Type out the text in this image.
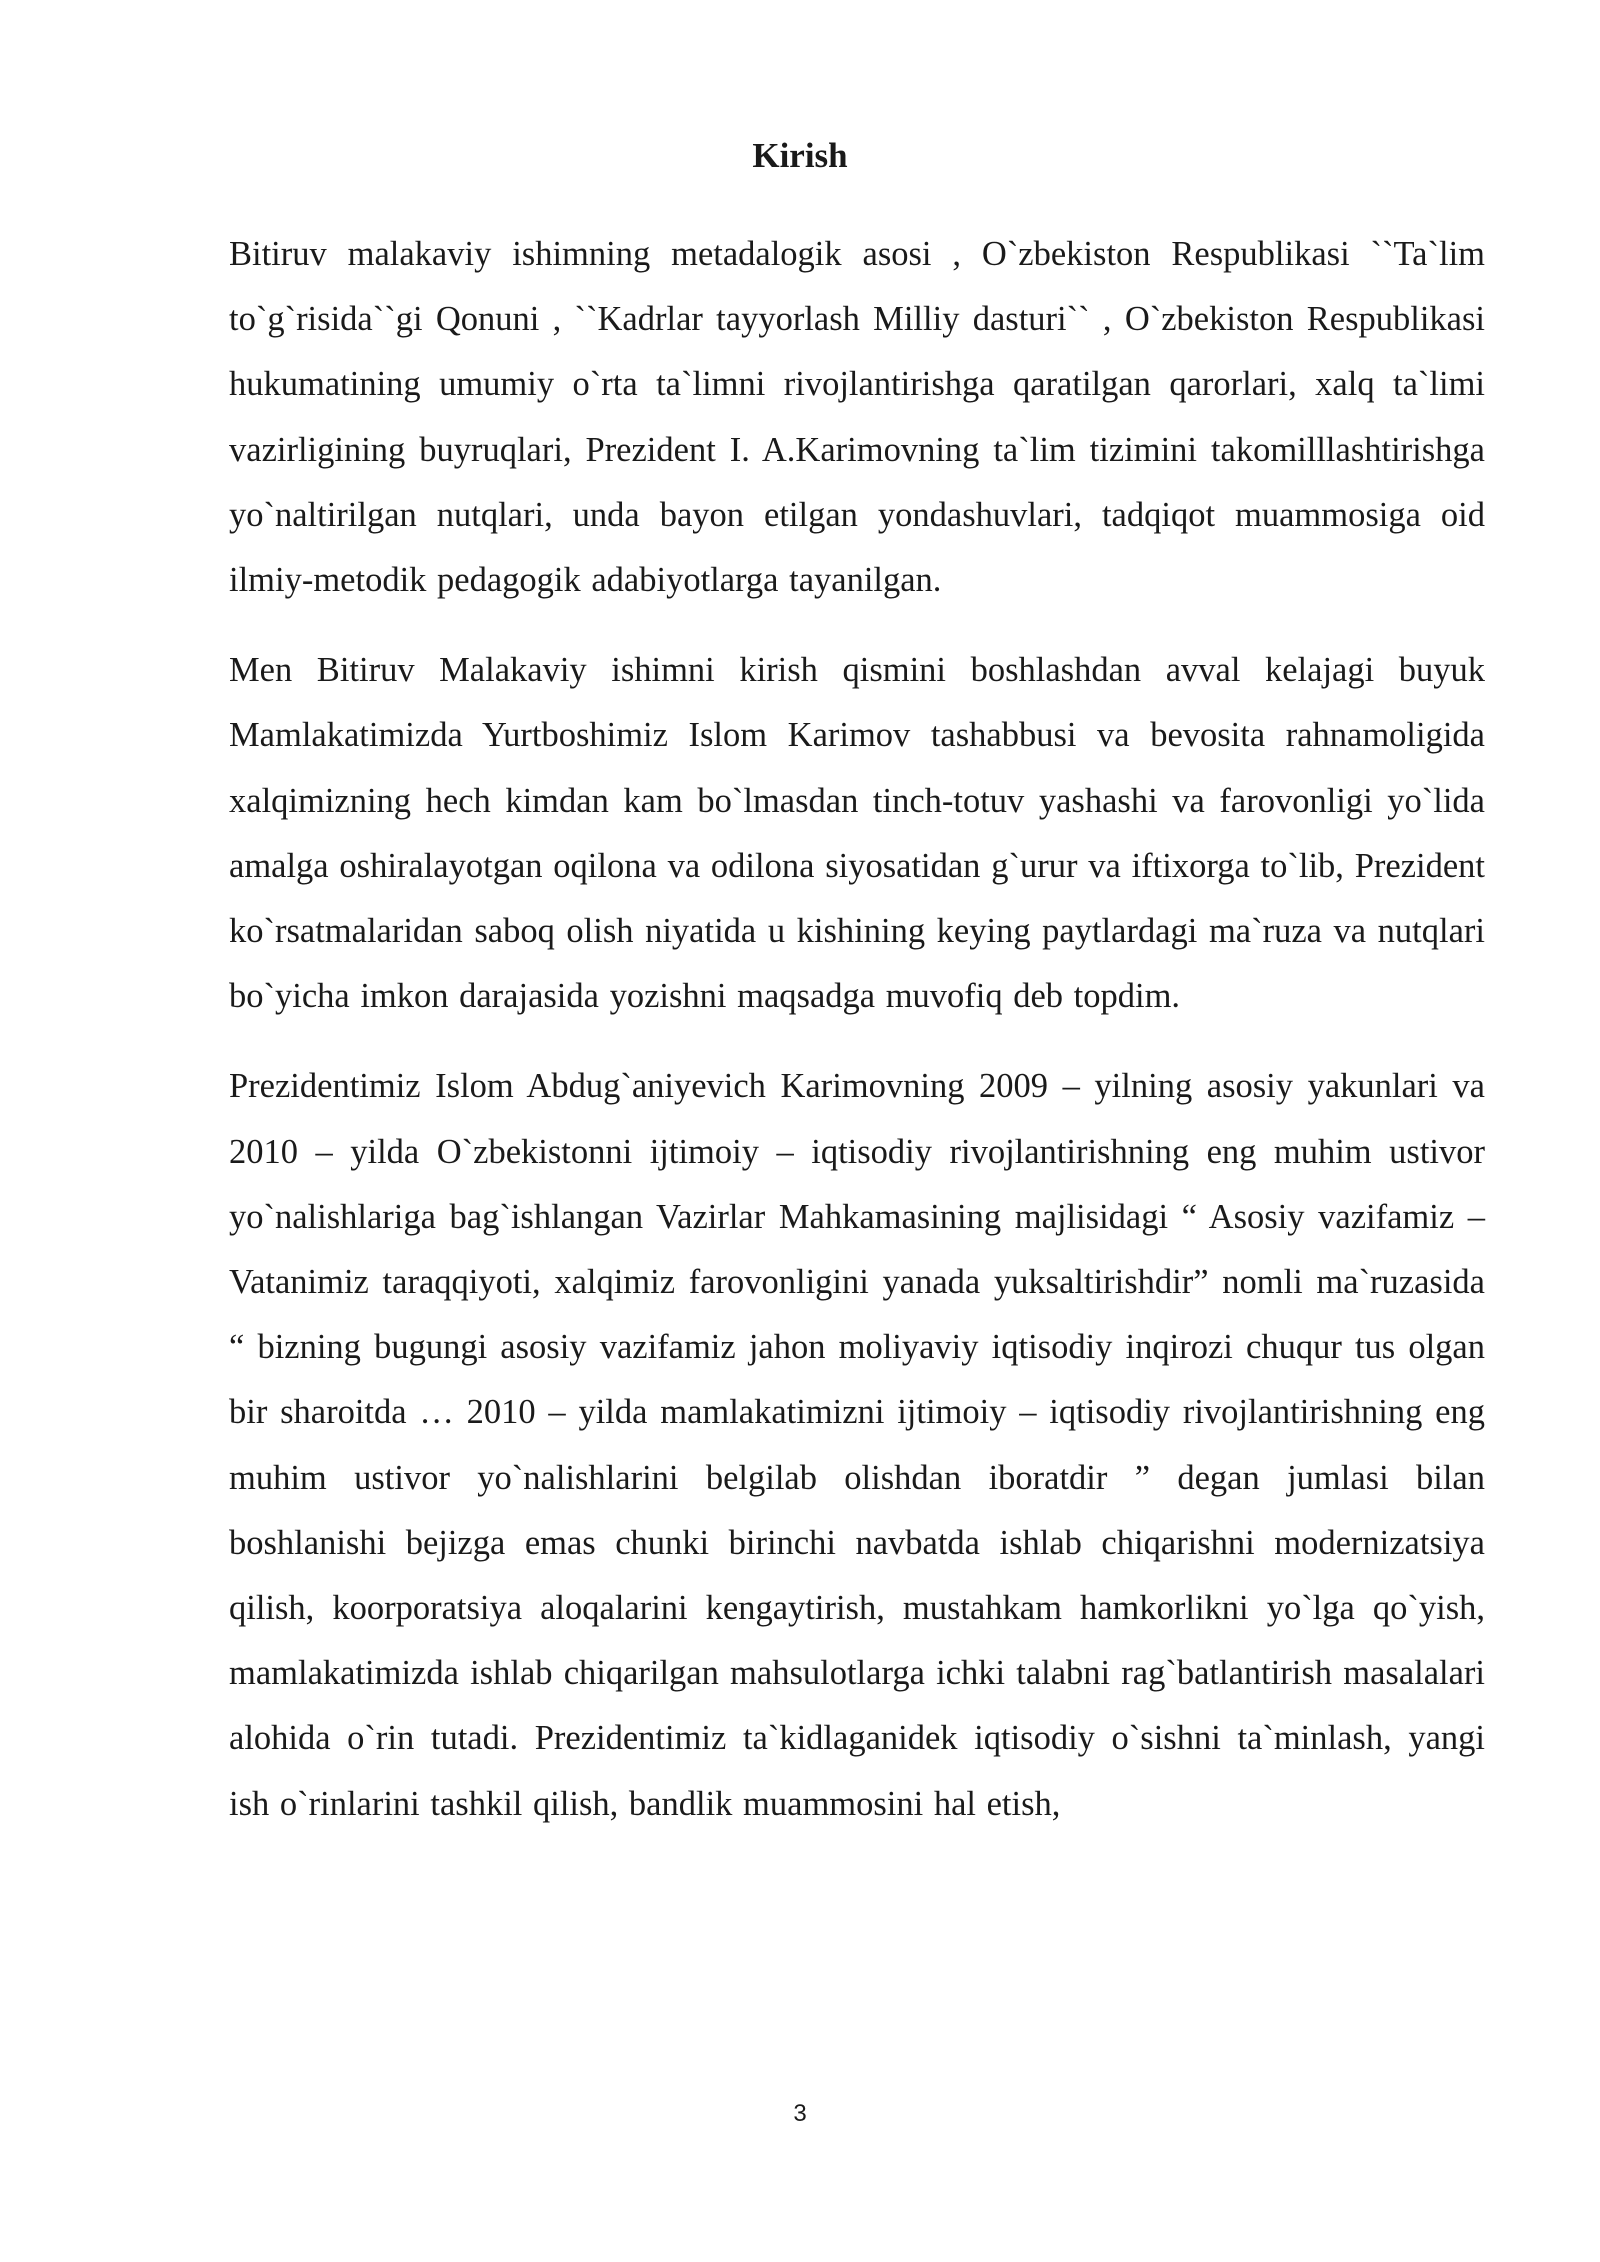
Kirish

Bitiruv malakaviy ishimning metadalogik asosi , O`zbekiston Respublikasi ``Ta`lim to`g`risida``gi Qonuni , ``Kadrlar tayyorlash Milliy dasturi`` , O`zbekiston Respublikasi hukumatining umumiy o`rta ta`limni rivojlantirishga qaratilgan qarorlari, xalq ta`limi vazirligining buyruqlari, Prezident I. A.Karimovning ta`lim tizimini takomilllashtirishga yo`naltirilgan nutqlari, unda bayon etilgan yondashuvlari, tadqiqot muammosiga oid ilmiy-metodik pedagogik adabiyotlarga tayanilgan.

Men Bitiruv Malakaviy ishimni kirish qismini boshlashdan avval kelajagi buyuk Mamlakatimizda Yurtboshimiz Islom Karimov tashabbusi va bevosita rahnamoligida xalqimizning hech kimdan kam bo`lmasdan tinch-totuv yashashi va farovonligi yo`lida amalga oshiralayotgan oqilona va odilona siyosatidan g`urur va iftixorga to`lib, Prezident ko`rsatmalaridan saboq olish niyatida u kishining keying paytlardagi ma`ruza va nutqlari bo`yicha imkon darajasida yozishni maqsadga muvofiq deb topdim.

Prezidentimiz Islom Abdug`aniyevich Karimovning 2009 – yilning asosiy yakunlari va 2010 – yilda O`zbekistonni ijtimoiy – iqtisodiy rivojlantirishning eng muhim ustivor yo`nalishlariga bag`ishlangan Vazirlar Mahkamasining majlisidagi “ Asosiy vazifamiz – Vatanimiz taraqqiyoti, xalqimiz farovonligini yanada yuksaltirishdir” nomli ma`ruzasida “ bizning bugungi asosiy vazifamiz jahon moliyaviy iqtisodiy inqirozi chuqur tus olgan bir sharoitda … 2010 – yilda mamlakatimizni ijtimoiy – iqtisodiy rivojlantirishning eng muhim ustivor yo`nalishlarini belgilab olishdan iboratdir ” degan jumlasi bilan boshlanishi bejizga emas chunki birinchi navbatda ishlab chiqarishni modernizatsiya qilish, koorporatsiya aloqalarini kengaytirish, mustahkam hamkorlikni yo`lga qo`yish, mamlakatimizda ishlab chiqarilgan mahsulotlarga ichki talabni rag`batlantirish masalalari alohida o`rin tutadi. Prezidentimiz ta`kidlaganidek iqtisodiy o`sishni ta`minlash, yangi ish o`rinlarini tashkil qilish, bandlik muammosini hal etish,

3
